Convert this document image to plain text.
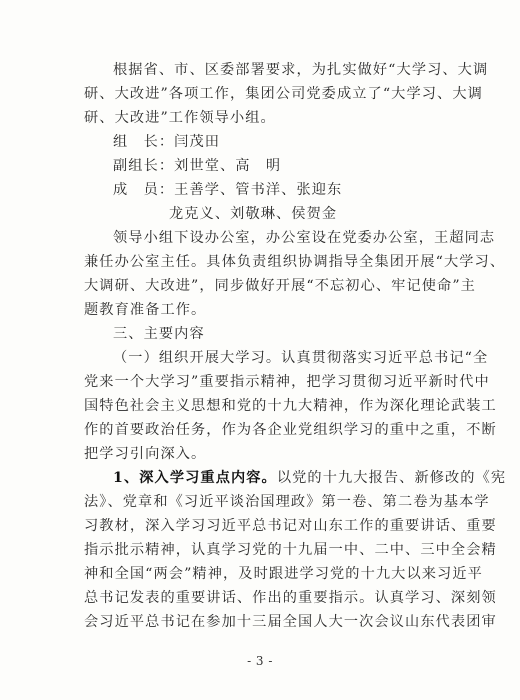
根据省、市、区委部署要求，为扎实做好“大学习、大调
研、大改进”各项工作，集团公司党委成立了“大学习、大调
研、大改进”工作领导小组。
组　长：闫茂田
副组长：刘世堂、高　明
成　员：王善学、管书洋、张迎东
龙克义、刘敬琳、侯贺金
领导小组下设办公室，办公室设在党委办公室，王超同志
兼任办公室主任。具体负责组织协调指导全集团开展“大学习、
大调研、大改进”，同步做好开展“不忘初心、牢记使命”主
题教育准备工作。
三、主要内容
（一）组织开展大学习。认真贯彻落实习近平总书记“全
党来一个大学习”重要指示精神，把学习贯彻习近平新时代中
国特色社会主义思想和党的十九大精神，作为深化理论武装工
作的首要政治任务，作为各企业党组织学习的重中之重，不断
把学习引向深入。
1、深入学习重点内容。以党的十九大报告、新修改的《宪
法》、党章和《习近平谈治国理政》第一卷、第二卷为基本学
习教材，深入学习习近平总书记对山东工作的重要讲话、重要
指示批示精神，认真学习党的十九届一中、二中、三中全会精
神和全国“两会”精神，及时跟进学习党的十九大以来习近平
总书记发表的重要讲话、作出的重要指示。认真学习、深刻领
会习近平总书记在参加十三届全国人大一次会议山东代表团审
- 3 -
